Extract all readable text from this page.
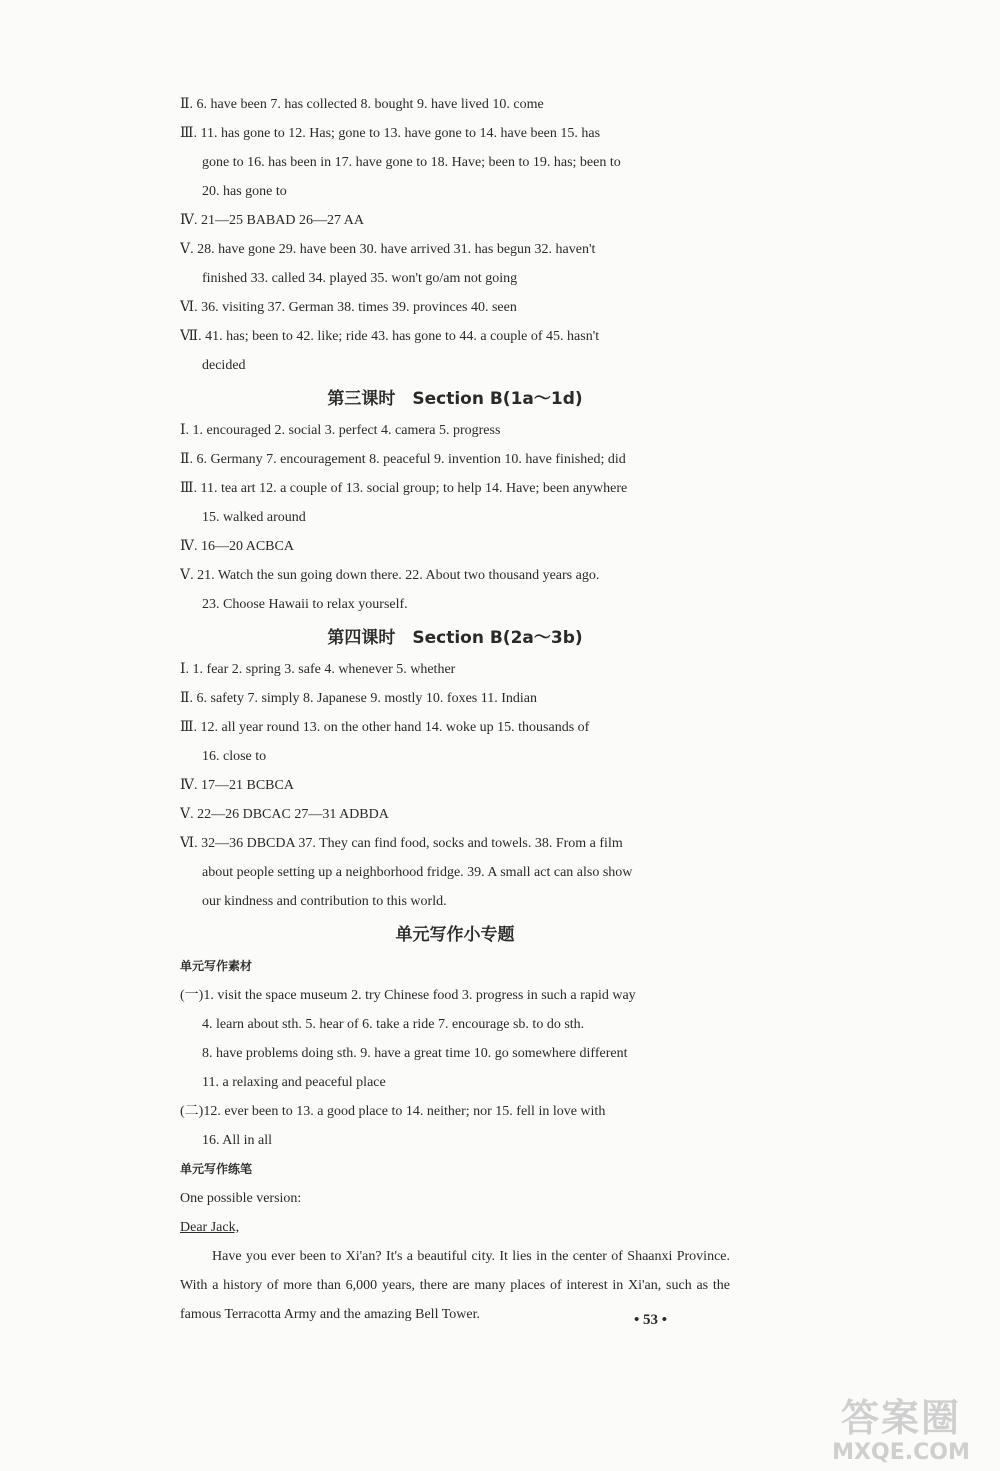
Ⅱ. 6. have been 7. has collected 8. bought 9. have lived 10. come
Ⅲ. 11. has gone to 12. Has; gone to 13. have gone to 14. have been 15. has
gone to 16. has been in 17. have gone to 18. Have; been to 19. has; been to
20. has gone to
Ⅳ. 21—25 BABAD 26—27 AA
Ⅴ. 28. have gone 29. have been 30. have arrived 31. has begun 32. haven't
finished 33. called 34. played 35. won't go/am not going
Ⅵ. 36. visiting 37. German 38. times 39. provinces 40. seen
Ⅶ. 41. has; been to 42. like; ride 43. has gone to 44. a couple of 45. hasn't
decided
第三课时　Section B(1a～1d)
Ⅰ. 1. encouraged 2. social 3. perfect 4. camera 5. progress
Ⅱ. 6. Germany 7. encouragement 8. peaceful 9. invention 10. have finished; did
Ⅲ. 11. tea art 12. a couple of 13. social group; to help 14. Have; been anywhere
15. walked around
Ⅳ. 16—20 ACBCA
Ⅴ. 21. Watch the sun going down there. 22. About two thousand years ago.
23. Choose Hawaii to relax yourself.
第四课时　Section B(2a～3b)
Ⅰ. 1. fear 2. spring 3. safe 4. whenever 5. whether
Ⅱ. 6. safety 7. simply 8. Japanese 9. mostly 10. foxes 11. Indian
Ⅲ. 12. all year round 13. on the other hand 14. woke up 15. thousands of
16. close to
Ⅳ. 17—21 BCBCA
Ⅴ. 22—26 DBCAC 27—31 ADBDA
Ⅵ. 32—36 DBCDA 37. They can find food, socks and towels. 38. From a film
about people setting up a neighborhood fridge. 39. A small act can also show
our kindness and contribution to this world.
单元写作小专题
单元写作素材
(一)1. visit the space museum 2. try Chinese food 3. progress in such a rapid way
4. learn about sth. 5. hear of 6. take a ride 7. encourage sb. to do sth.
8. have problems doing sth. 9. have a great time 10. go somewhere different
11. a relaxing and peaceful place
(二)12. ever been to 13. a good place to 14. neither; nor 15. fell in love with
16. All in all
单元写作练笔
One possible version:
Dear Jack,
Have you ever been to Xi'an? It's a beautiful city. It lies in the center of Shaanxi Province. With a history of more than 6,000 years, there are many places of interest in Xi'an, such as the famous Terracotta Army and the amazing Bell Tower.	• 53 •
答案圈
MXQE.COM
